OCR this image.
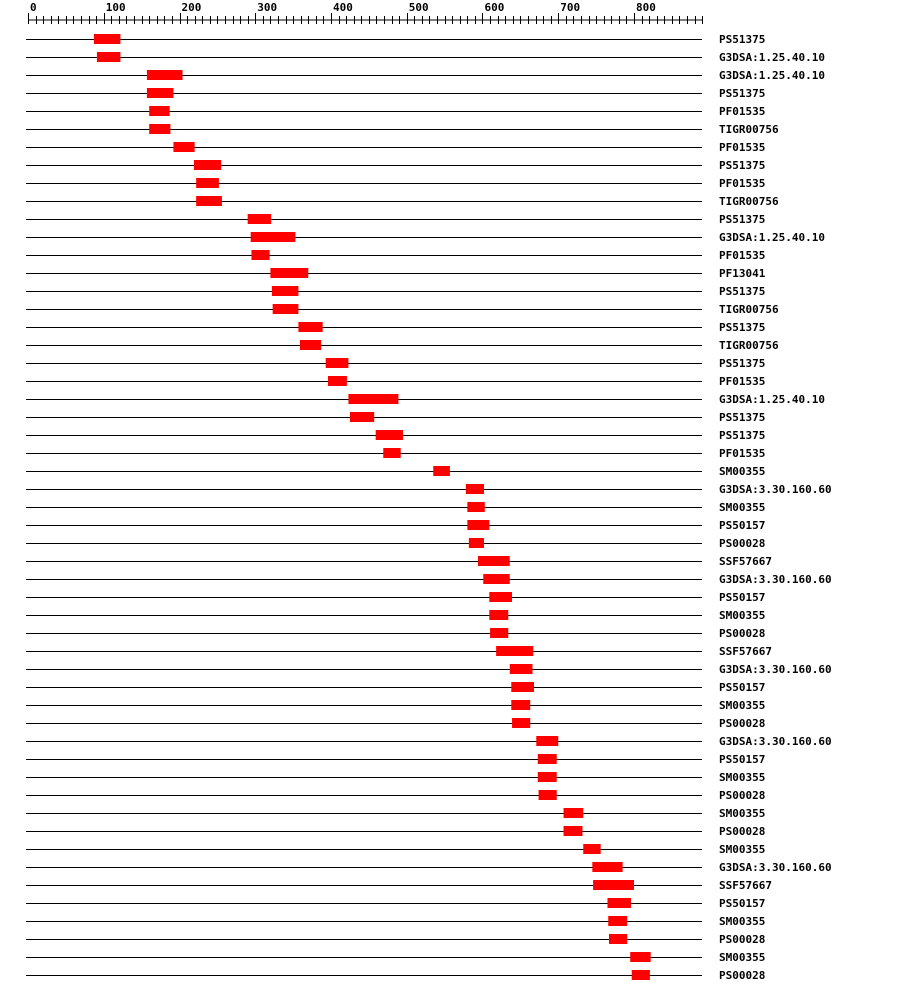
0	100	200	300	400	500	600	700	800
PS51375
G3DSA:1.25.40.10
G3DSA:1.25.40.10
PS51375
PF01535
TIGR00756
PF01535
PS51375
PF01535
TIGR00756
PS51375
G3DSA:1.25.40.10
PF01535
PF13041
PS51375
TIGR00756
PS51375
TIGR00756
PS51375
PF01535
G3DSA:1.25.40.10
PS51375
PS51375
PF01535
SM00355
G3DSA:3.30.160.60
SM00355
PS50157
PS00028
SSF57667
G3DSA:3.30.160.60
PS50157
SM00355
PS00028
SSF57667
G3DSA:3.30.160.60
PS50157
SM00355
PS00028
G3DSA:3.30.160.60
PS50157
SM00355
PS00028
SM00355
PS00028
SM00355
G3DSA:3.30.160.60
SSF57667
PS50157
SM00355
PS00028
SM00355
PS00028
